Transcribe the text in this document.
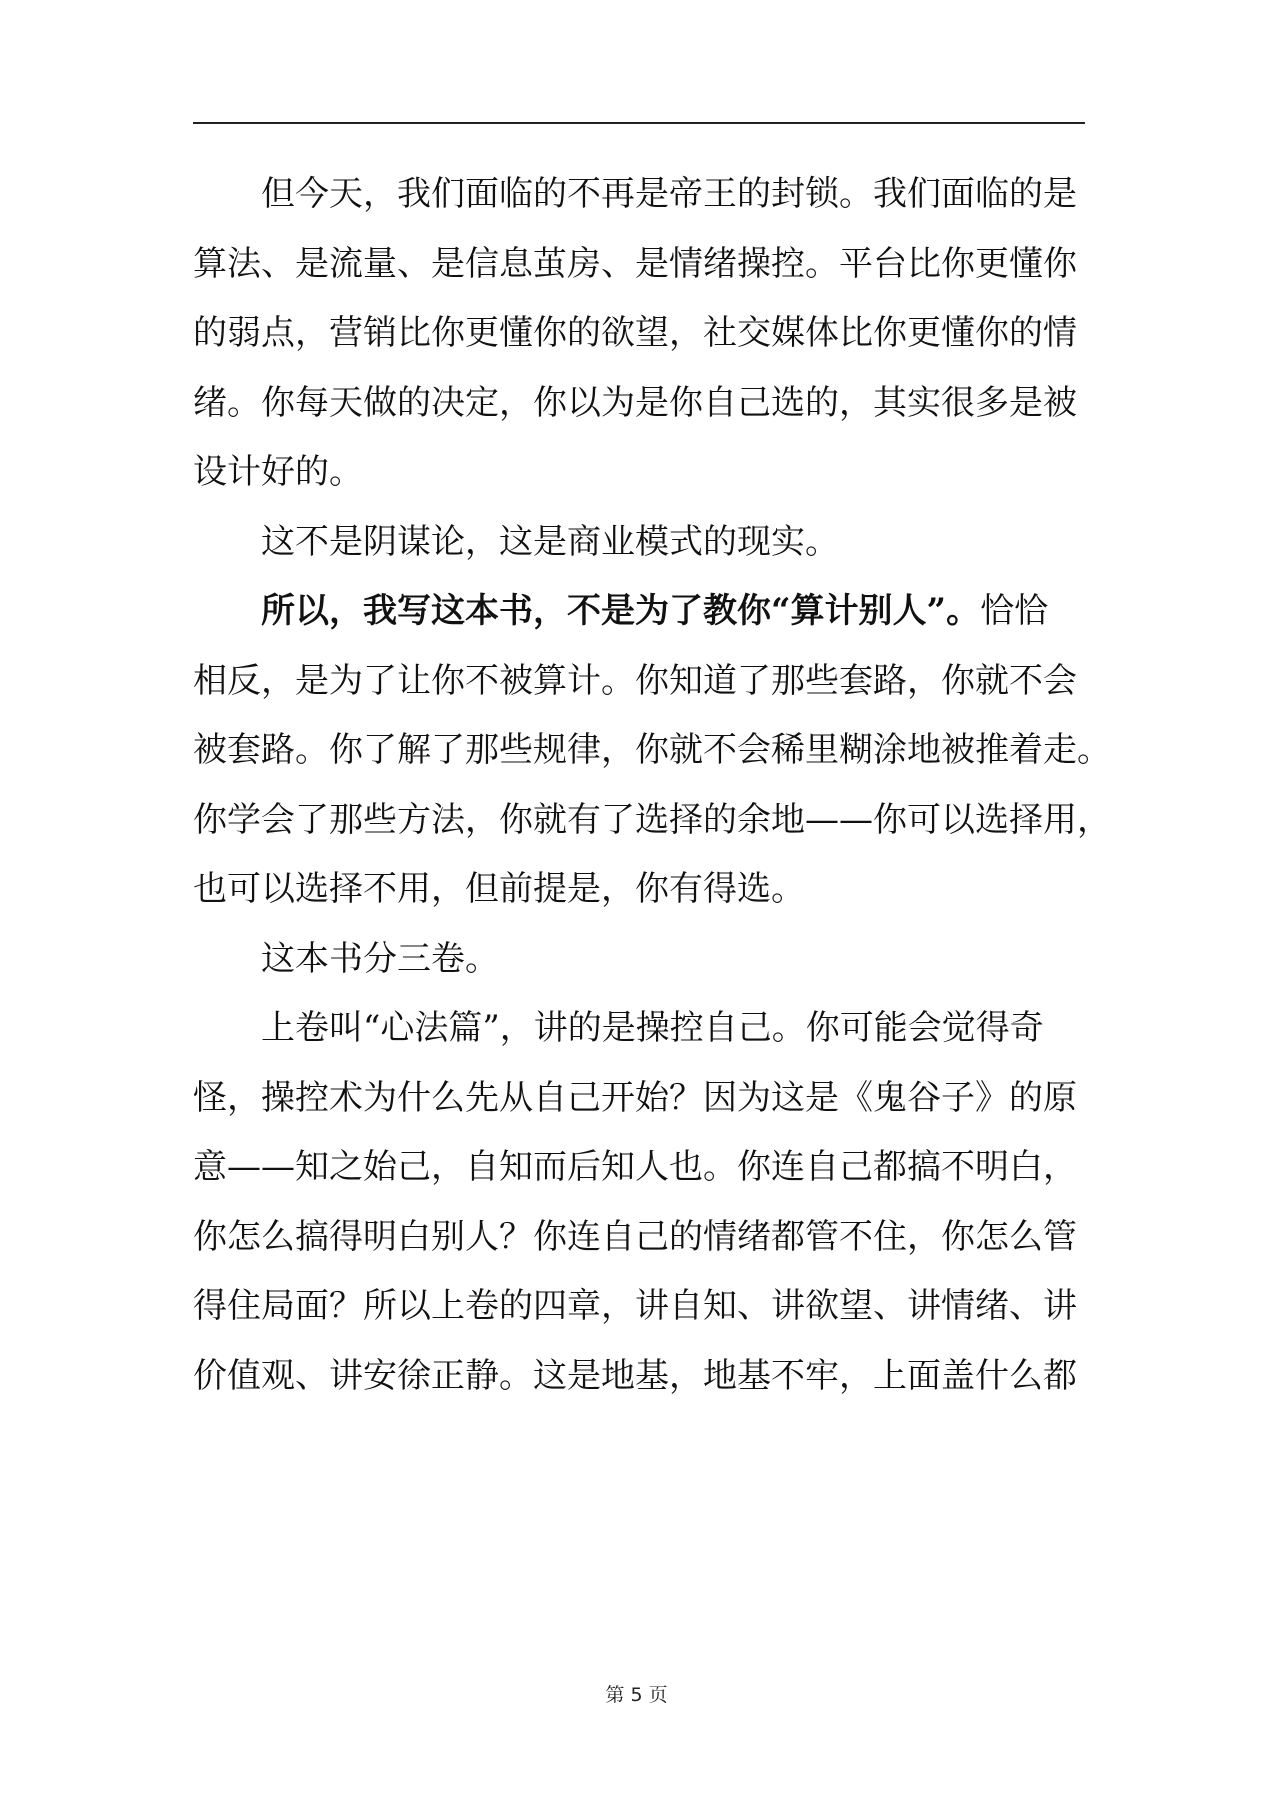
但今天，我们面临的不再是帝王的封锁。我们面临的是
算法、是流量、是信息茧房、是情绪操控。平台比你更懂你
的弱点，营销比你更懂你的欲望，社交媒体比你更懂你的情
绪。你每天做的决定，你以为是你自己选的，其实很多是被
设计好的。
这不是阴谋论，这是商业模式的现实。
所以，我写这本书，不是为了教你“算计别人”。恰恰
相反，是为了让你不被算计。你知道了那些套路，你就不会
被套路。你了解了那些规律，你就不会稀里糊涂地被推着走。
你学会了那些方法，你就有了选择的余地——你可以选择用，
也可以选择不用，但前提是，你有得选。
这本书分三卷。
上卷叫“心法篇”，讲的是操控自己。你可能会觉得奇
怪，操控术为什么先从自己开始？因为这是《鬼谷子》的原
意——知之始己，自知而后知人也。你连自己都搞不明白，
你怎么搞得明白别人？你连自己的情绪都管不住，你怎么管
得住局面？所以上卷的四章，讲自知、讲欲望、讲情绪、讲
价值观、讲安徐正静。这是地基，地基不牢，上面盖什么都
第 5 页
